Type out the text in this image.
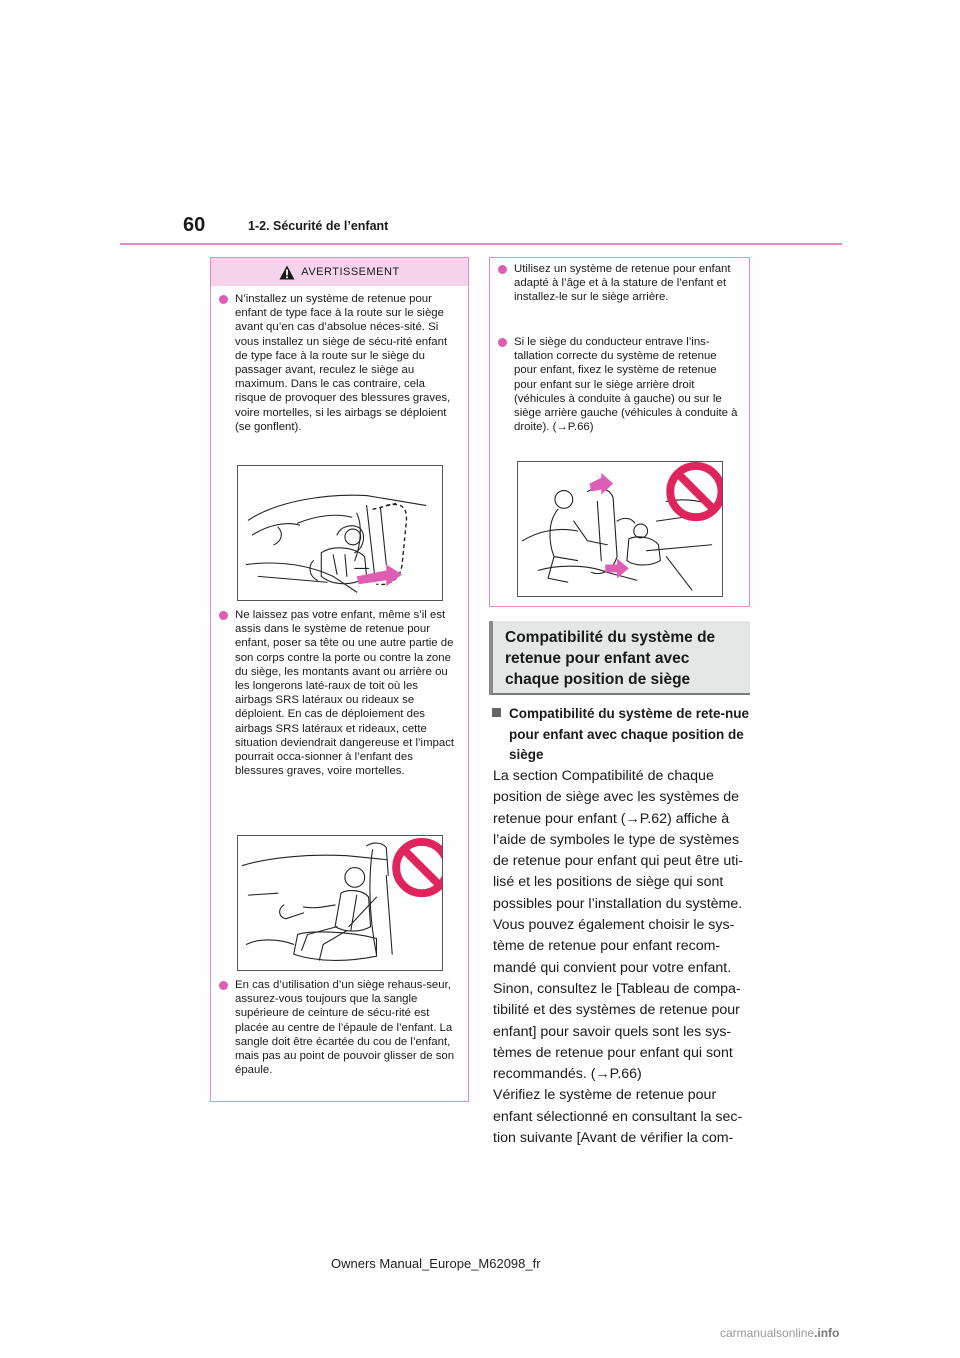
60	1-2. Sécurité de l’enfant
AVERTISSEMENT
N’installez un système de retenue pour enfant de type face à la route sur le siège avant qu’en cas d’absolue néces-sité. Si vous installez un siège de sécu-rité enfant de type face à la route sur le siège du passager avant, reculez le siège au maximum. Dans le cas contraire, cela risque de provoquer des blessures graves, voire mortelles, si les airbags se déploient (se gonflent).
Ne laissez pas votre enfant, même s’il est assis dans le système de retenue pour enfant, poser sa tête ou une autre partie de son corps contre la porte ou contre la zone du siège, les montants avant ou arrière ou les longerons laté-raux de toit où les airbags SRS latéraux ou rideaux se déploient. En cas de déploiement des airbags SRS latéraux et rideaux, cette situation deviendrait dangereuse et l’impact pourrait occa-sionner à l’enfant des blessures graves, voire mortelles.
En cas d’utilisation d’un siège rehaus-seur, assurez-vous toujours que la sangle supérieure de ceinture de sécu-rité est placée au centre de l’épaule de l’enfant. La sangle doit être écartée du cou de l’enfant, mais pas au point de pouvoir glisser de son épaule.
Utilisez un système de retenue pour enfant adapté à l’âge et à la stature de l’enfant et installez-le sur le siège arrière.
Si le siège du conducteur entrave l’ins-tallation correcte du système de retenue pour enfant, fixez le système de retenue pour enfant sur le siège arrière droit (véhicules à conduite à gauche) ou sur le siège arrière gauche (véhicules à conduite à droite). (→P.66)
Compatibilité du système de retenue pour enfant avec chaque position de siège
Compatibilité du système de rete-nue pour enfant avec chaque position de siège
La section Compatibilité de chaque position de siège avec les systèmes de retenue pour enfant (→P.62) affiche à l’aide de symboles le type de systèmes de retenue pour enfant qui peut être uti-lisé et les positions de siège qui sont possibles pour l’installation du système. Vous pouvez également choisir le sys-tème de retenue pour enfant recom-mandé qui convient pour votre enfant. Sinon, consultez le [Tableau de compa-tibilité et des systèmes de retenue pour enfant] pour savoir quels sont les sys-tèmes de retenue pour enfant qui sont recommandés. (→P.66)
Vérifiez le système de retenue pour enfant sélectionné en consultant la sec-tion suivante [Avant de vérifier la com-
Owners Manual_Europe_M62098_fr
carmanualsonline.info
